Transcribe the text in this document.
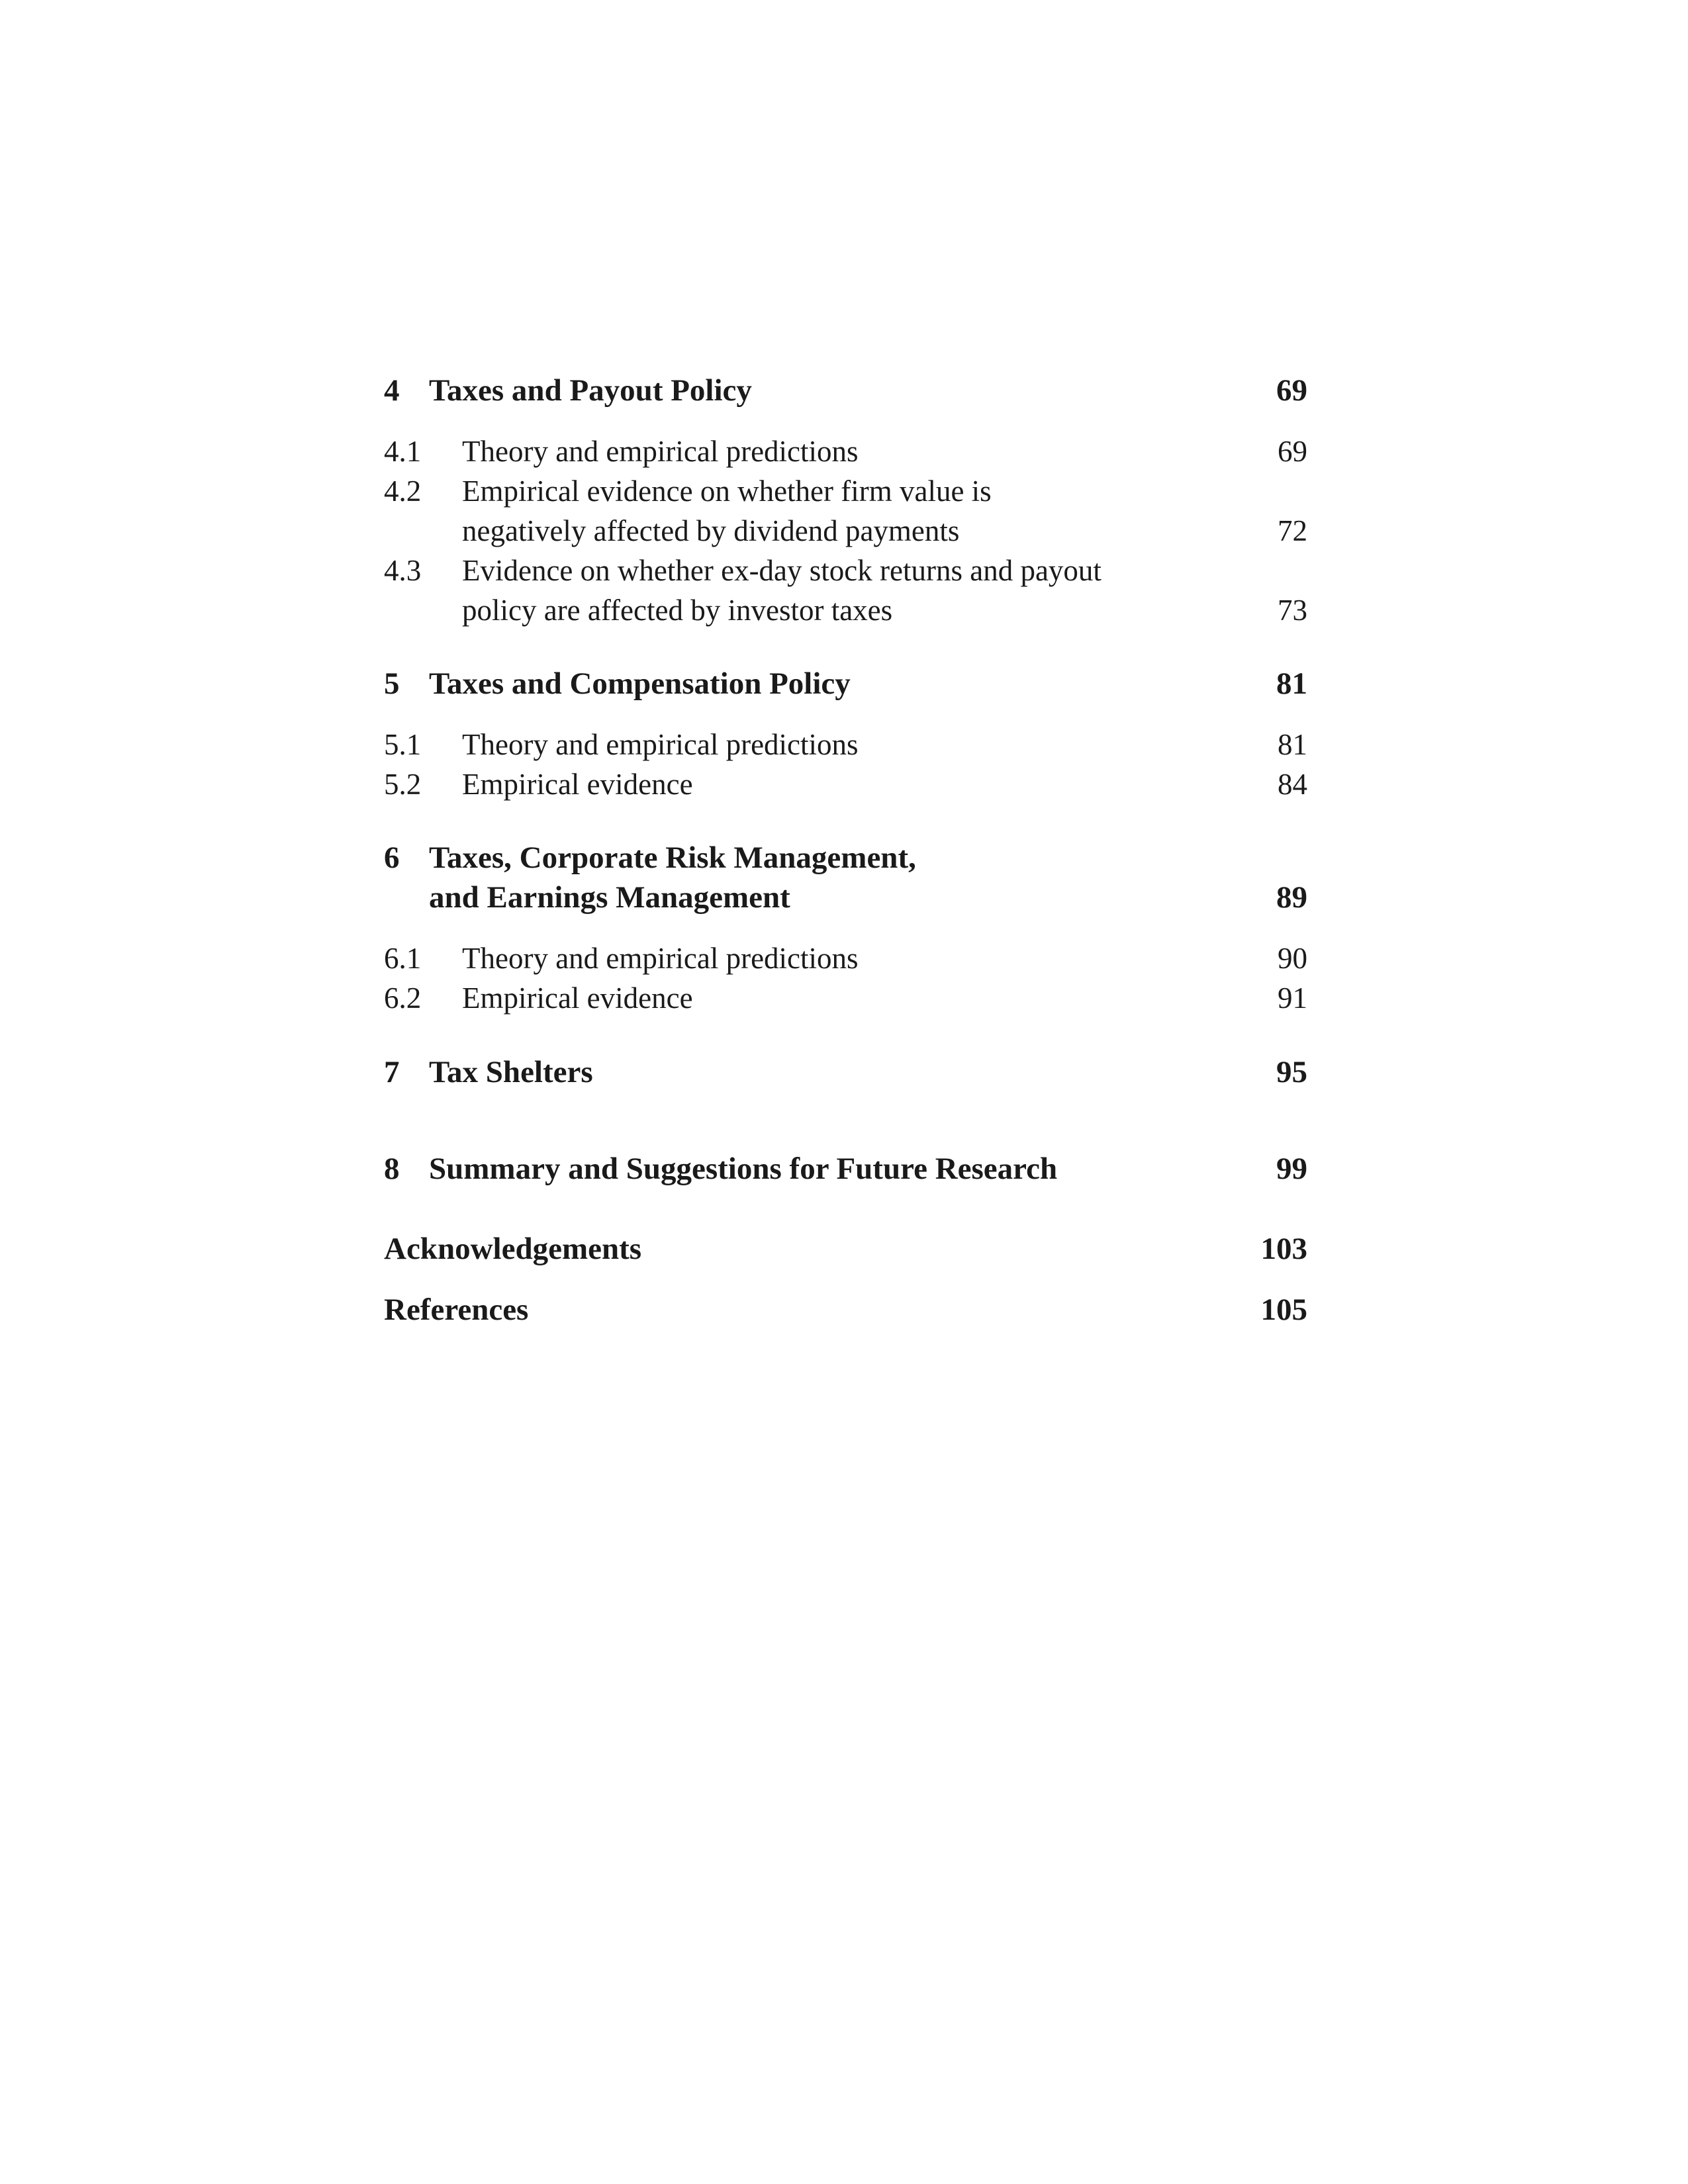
4 Taxes and Payout Policy	69
4.1 Theory and empirical predictions	69
4.2 Empirical evidence on whether firm value is
negatively affected by dividend payments	72
4.3 Evidence on whether ex-day stock returns and payout
policy are affected by investor taxes	73
5 Taxes and Compensation Policy	81
5.1 Theory and empirical predictions	81
5.2 Empirical evidence	84
6 Taxes, Corporate Risk Management,
and Earnings Management	89
6.1 Theory and empirical predictions	90
6.2 Empirical evidence	91
7 Tax Shelters	95
8 Summary and Suggestions for Future Research	99
Acknowledgements	103
References	105
